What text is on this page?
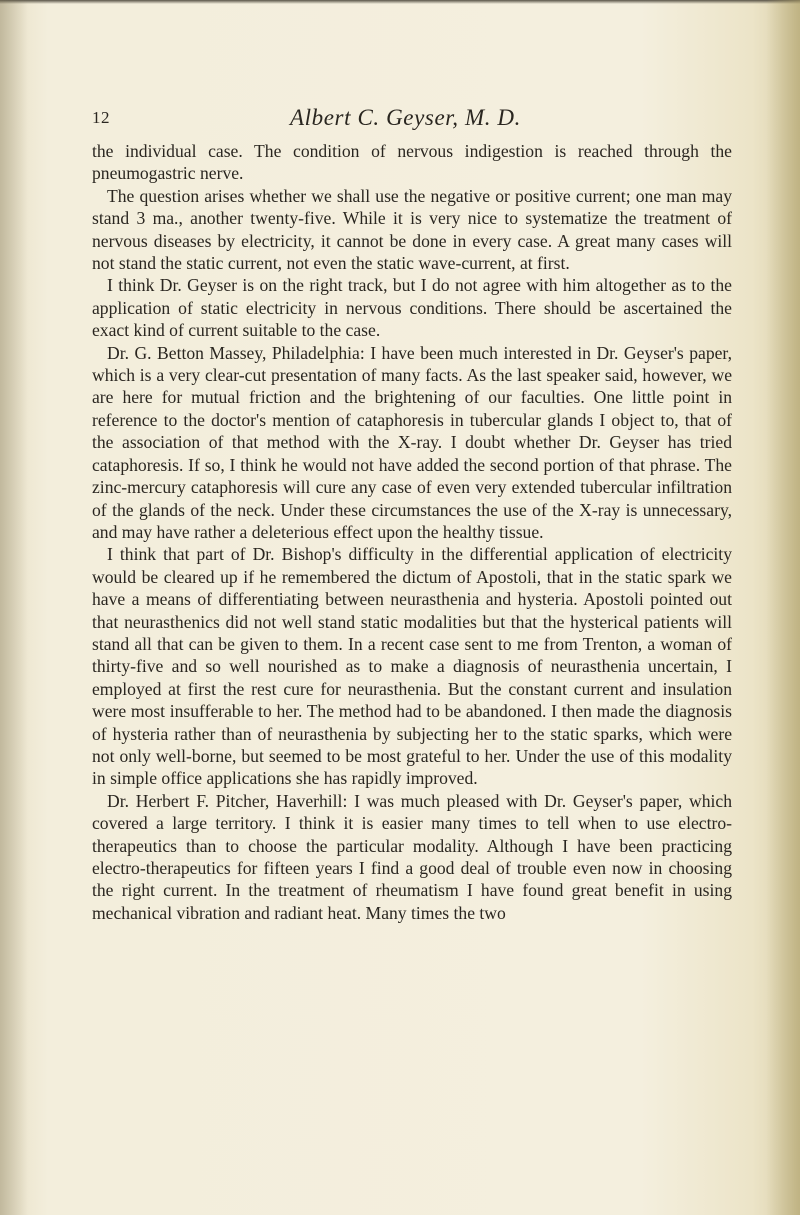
12	Albert C. Geyser, M. D.

the individual case. The condition of nervous indigestion is reached through the pneumogastric nerve.

The question arises whether we shall use the negative or positive current; one man may stand 3 ma., another twenty-five. While it is very nice to systematize the treatment of nervous diseases by electricity, it cannot be done in every case. A great many cases will not stand the static current, not even the static wave-current, at first.

I think Dr. Geyser is on the right track, but I do not agree with him altogether as to the application of static electricity in nervous conditions. There should be ascertained the exact kind of current suitable to the case.

Dr. G. Betton Massey, Philadelphia: I have been much interested in Dr. Geyser's paper, which is a very clear-cut presentation of many facts. As the last speaker said, however, we are here for mutual friction and the brightening of our faculties. One little point in reference to the doctor's mention of cataphoresis in tubercular glands I object to, that of the association of that method with the X-ray. I doubt whether Dr. Geyser has tried cataphoresis. If so, I think he would not have added the second portion of that phrase. The zinc-mercury cataphoresis will cure any case of even very extended tubercular infiltration of the glands of the neck. Under these circumstances the use of the X-ray is unnecessary, and may have rather a deleterious effect upon the healthy tissue.

I think that part of Dr. Bishop's difficulty in the differential application of electricity would be cleared up if he remembered the dictum of Apostoli, that in the static spark we have a means of differentiating between neurasthenia and hysteria. Apostoli pointed out that neurasthenics did not well stand static modalities but that the hysterical patients will stand all that can be given to them. In a recent case sent to me from Trenton, a woman of thirty-five and so well nourished as to make a diagnosis of neurasthenia uncertain, I employed at first the rest cure for neurasthenia. But the constant current and insulation were most insufferable to her. The method had to be abandoned. I then made the diagnosis of hysteria rather than of neurasthenia by subjecting her to the static sparks, which were not only well-borne, but seemed to be most grateful to her. Under the use of this modality in simple office applications she has rapidly improved.

Dr. Herbert F. Pitcher, Haverhill: I was much pleased with Dr. Geyser's paper, which covered a large territory. I think it is easier many times to tell when to use electro-therapeutics than to choose the particular modality. Although I have been practicing electro-therapeutics for fifteen years I find a good deal of trouble even now in choosing the right current. In the treatment of rheumatism I have found great benefit in using mechanical vibration and radiant heat. Many times the two
